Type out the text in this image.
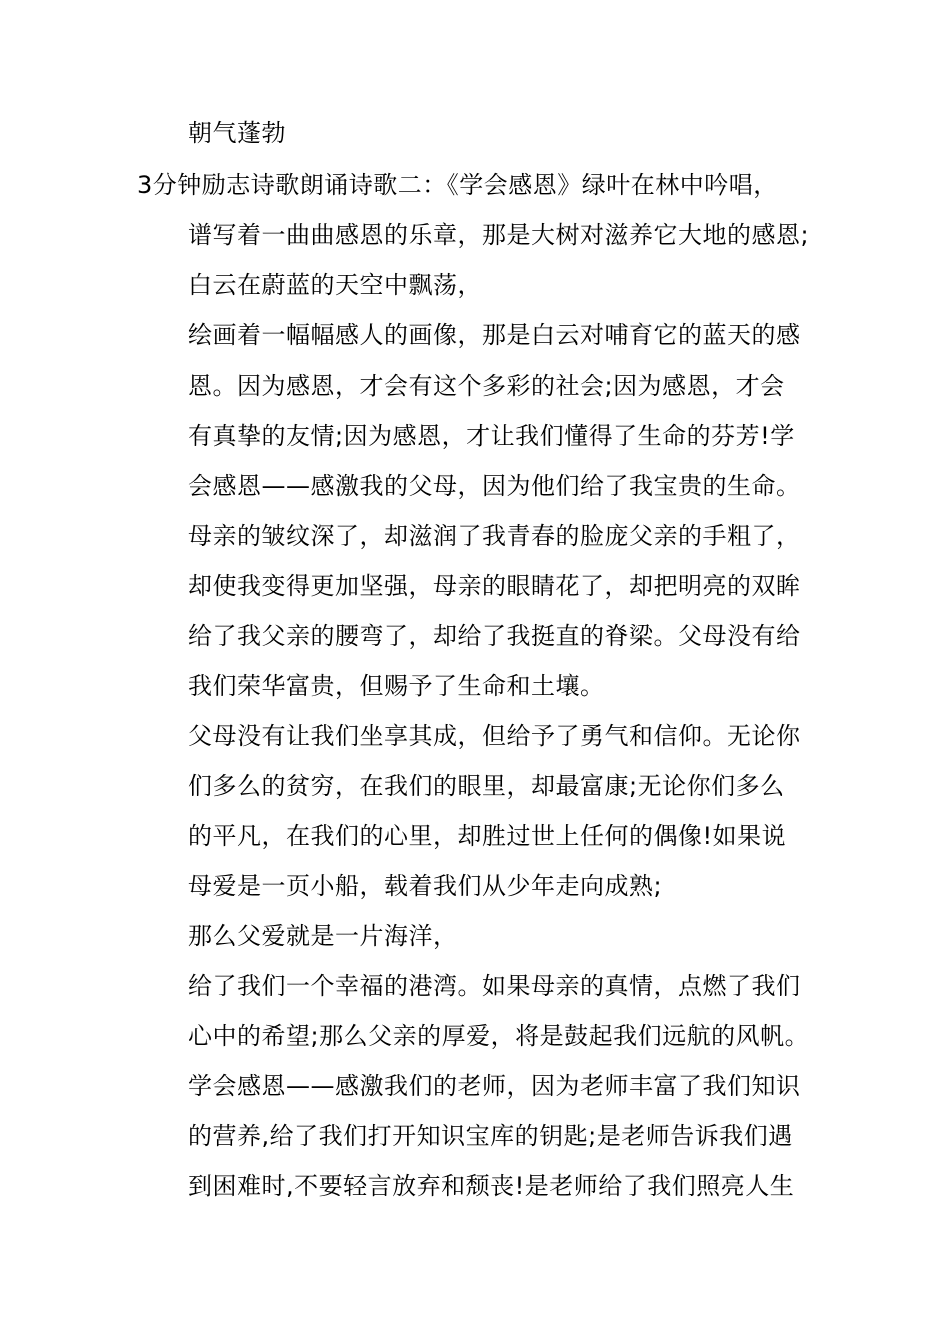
朝气蓬勃
3分钟励志诗歌朗诵诗歌二：《学会感恩》绿叶在林中吟唱，
谱写着一曲曲感恩的乐章，那是大树对滋养它大地的感恩;
白云在蔚蓝的天空中飘荡，
绘画着一幅幅感人的画像，那是白云对哺育它的蓝天的感
恩。因为感恩，才会有这个多彩的社会;因为感恩，才会
有真挚的友情;因为感恩，才让我们懂得了生命的芬芳!学
会感恩——感激我的父母，因为他们给了我宝贵的生命。
母亲的皱纹深了，却滋润了我青春的脸庞父亲的手粗了，
却使我变得更加坚强，母亲的眼睛花了，却把明亮的双眸
给了我父亲的腰弯了，却给了我挺直的脊梁。父母没有给
我们荣华富贵，但赐予了生命和土壤。
父母没有让我们坐享其成，但给予了勇气和信仰。无论你
们多么的贫穷，在我们的眼里，却最富康;无论你们多么
的平凡，在我们的心里，却胜过世上任何的偶像!如果说
母爱是一页小船，载着我们从少年走向成熟;
那么父爱就是一片海洋，
给了我们一个幸福的港湾。如果母亲的真情，点燃了我们
心中的希望;那么父亲的厚爱，将是鼓起我们远航的风帆。
学会感恩——感激我们的老师，因为老师丰富了我们知识
的营养,给了我们打开知识宝库的钥匙;是老师告诉我们遇
到困难时,不要轻言放弃和颓丧!是老师给了我们照亮人生
